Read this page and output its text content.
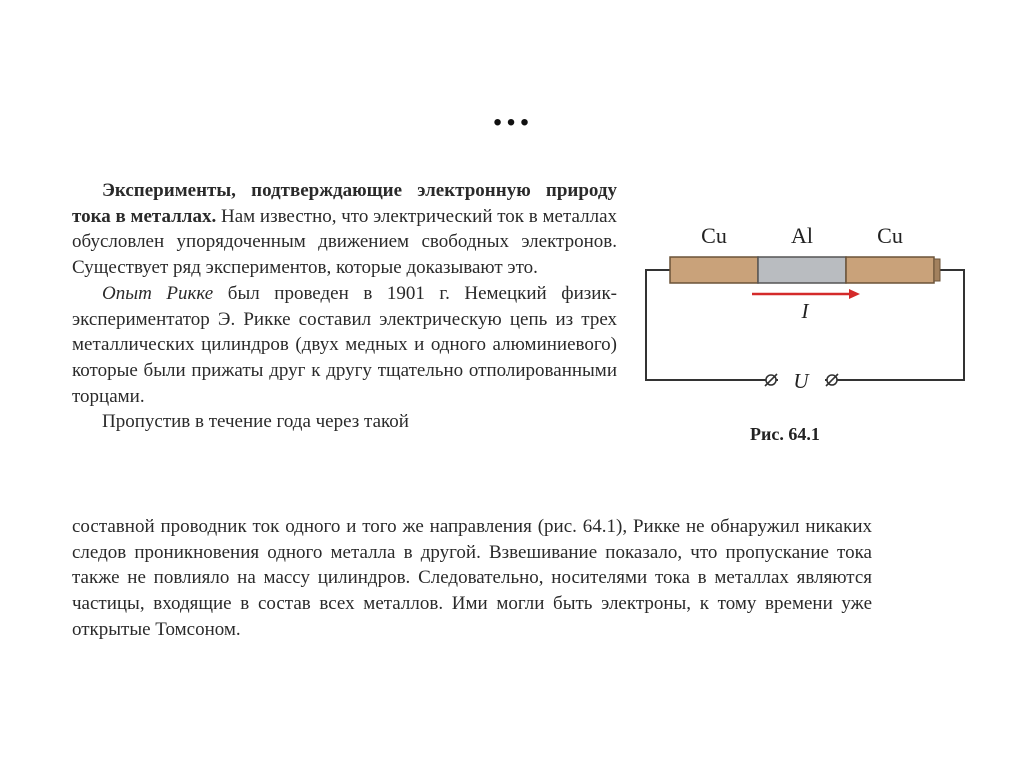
…

Эксперименты, подтверждающие электронную природу тока в металлах. Нам известно, что электрический ток в металлах обусловлен упорядоченным движением свободных электронов. Существует ряд экспериментов, которые доказывают это.

Опыт Рикке был проведен в 1901 г. Немецкий физик-экспериментатор Э. Рикке составил электрическую цепь из трех металлических цилиндров (двух медных и одного алюминиевого) которые были прижаты друг к другу тщательно отполированными торцами.

Пропустив в течение года через такой

составной проводник ток одного и того же направления (рис. 64.1), Рикке не обнаружил никаких следов проникновения одного металла в другой. Взвешивание показало, что пропускание тока также не повлияло на массу цилиндров. Следовательно, носителями тока в металлах являются частицы, входящие в состав всех металлов. Ими могли быть электроны, к тому времени уже открытые Томсоном.
Cu	Al	Cu
I
U
Рис. 64.1
